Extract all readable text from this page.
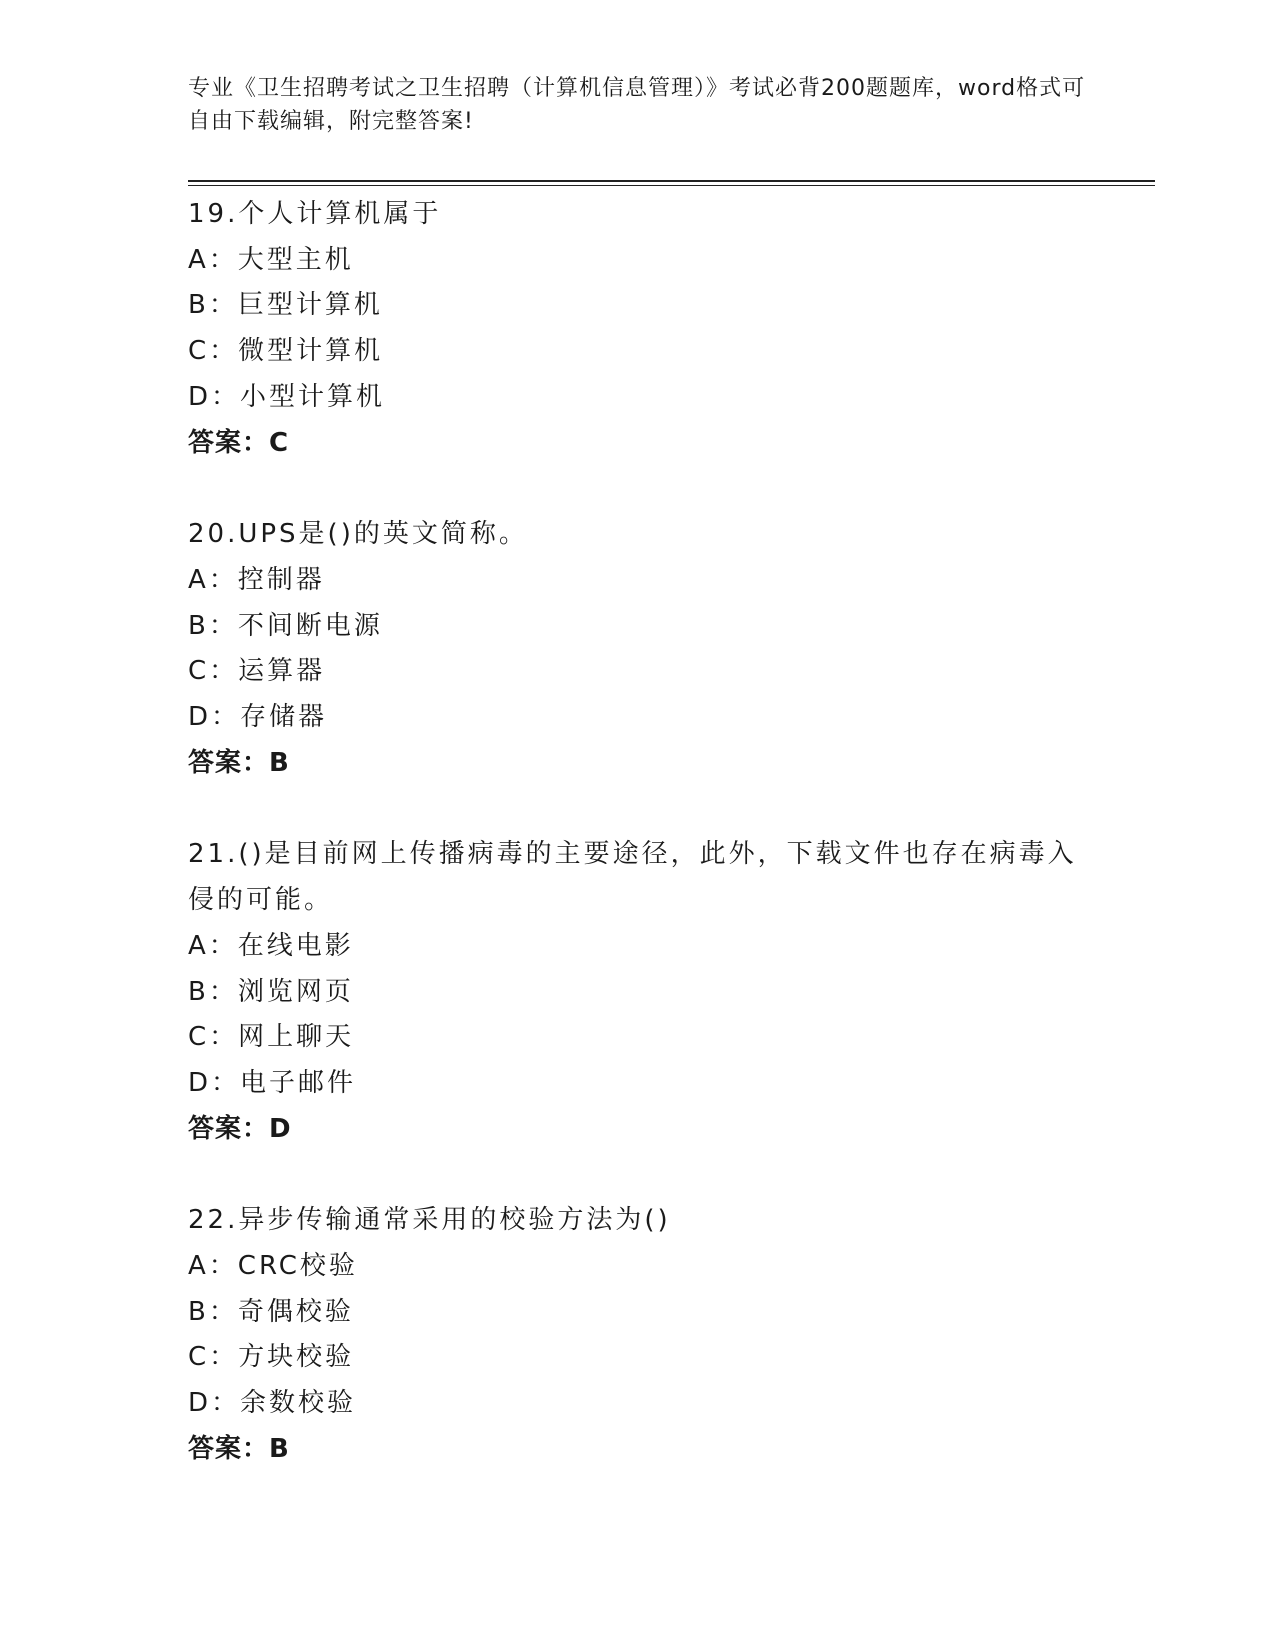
专业《卫生招聘考试之卫生招聘（计算机信息管理）》考试必背200题题库，word格式可自由下载编辑，附完整答案!
19.个人计算机属于
A：大型主机
B：巨型计算机
C：微型计算机
D：小型计算机
答案：C
20.UPS是()的英文简称。
A：控制器
B：不间断电源
C：运算器
D：存储器
答案：B
21.()是目前网上传播病毒的主要途径，此外，下载文件也存在病毒入侵的可能。
A：在线电影
B：浏览网页
C：网上聊天
D：电子邮件
答案：D
22.异步传输通常采用的校验方法为()
A：CRC校验
B：奇偶校验
C：方块校验
D：余数校验
答案：B
